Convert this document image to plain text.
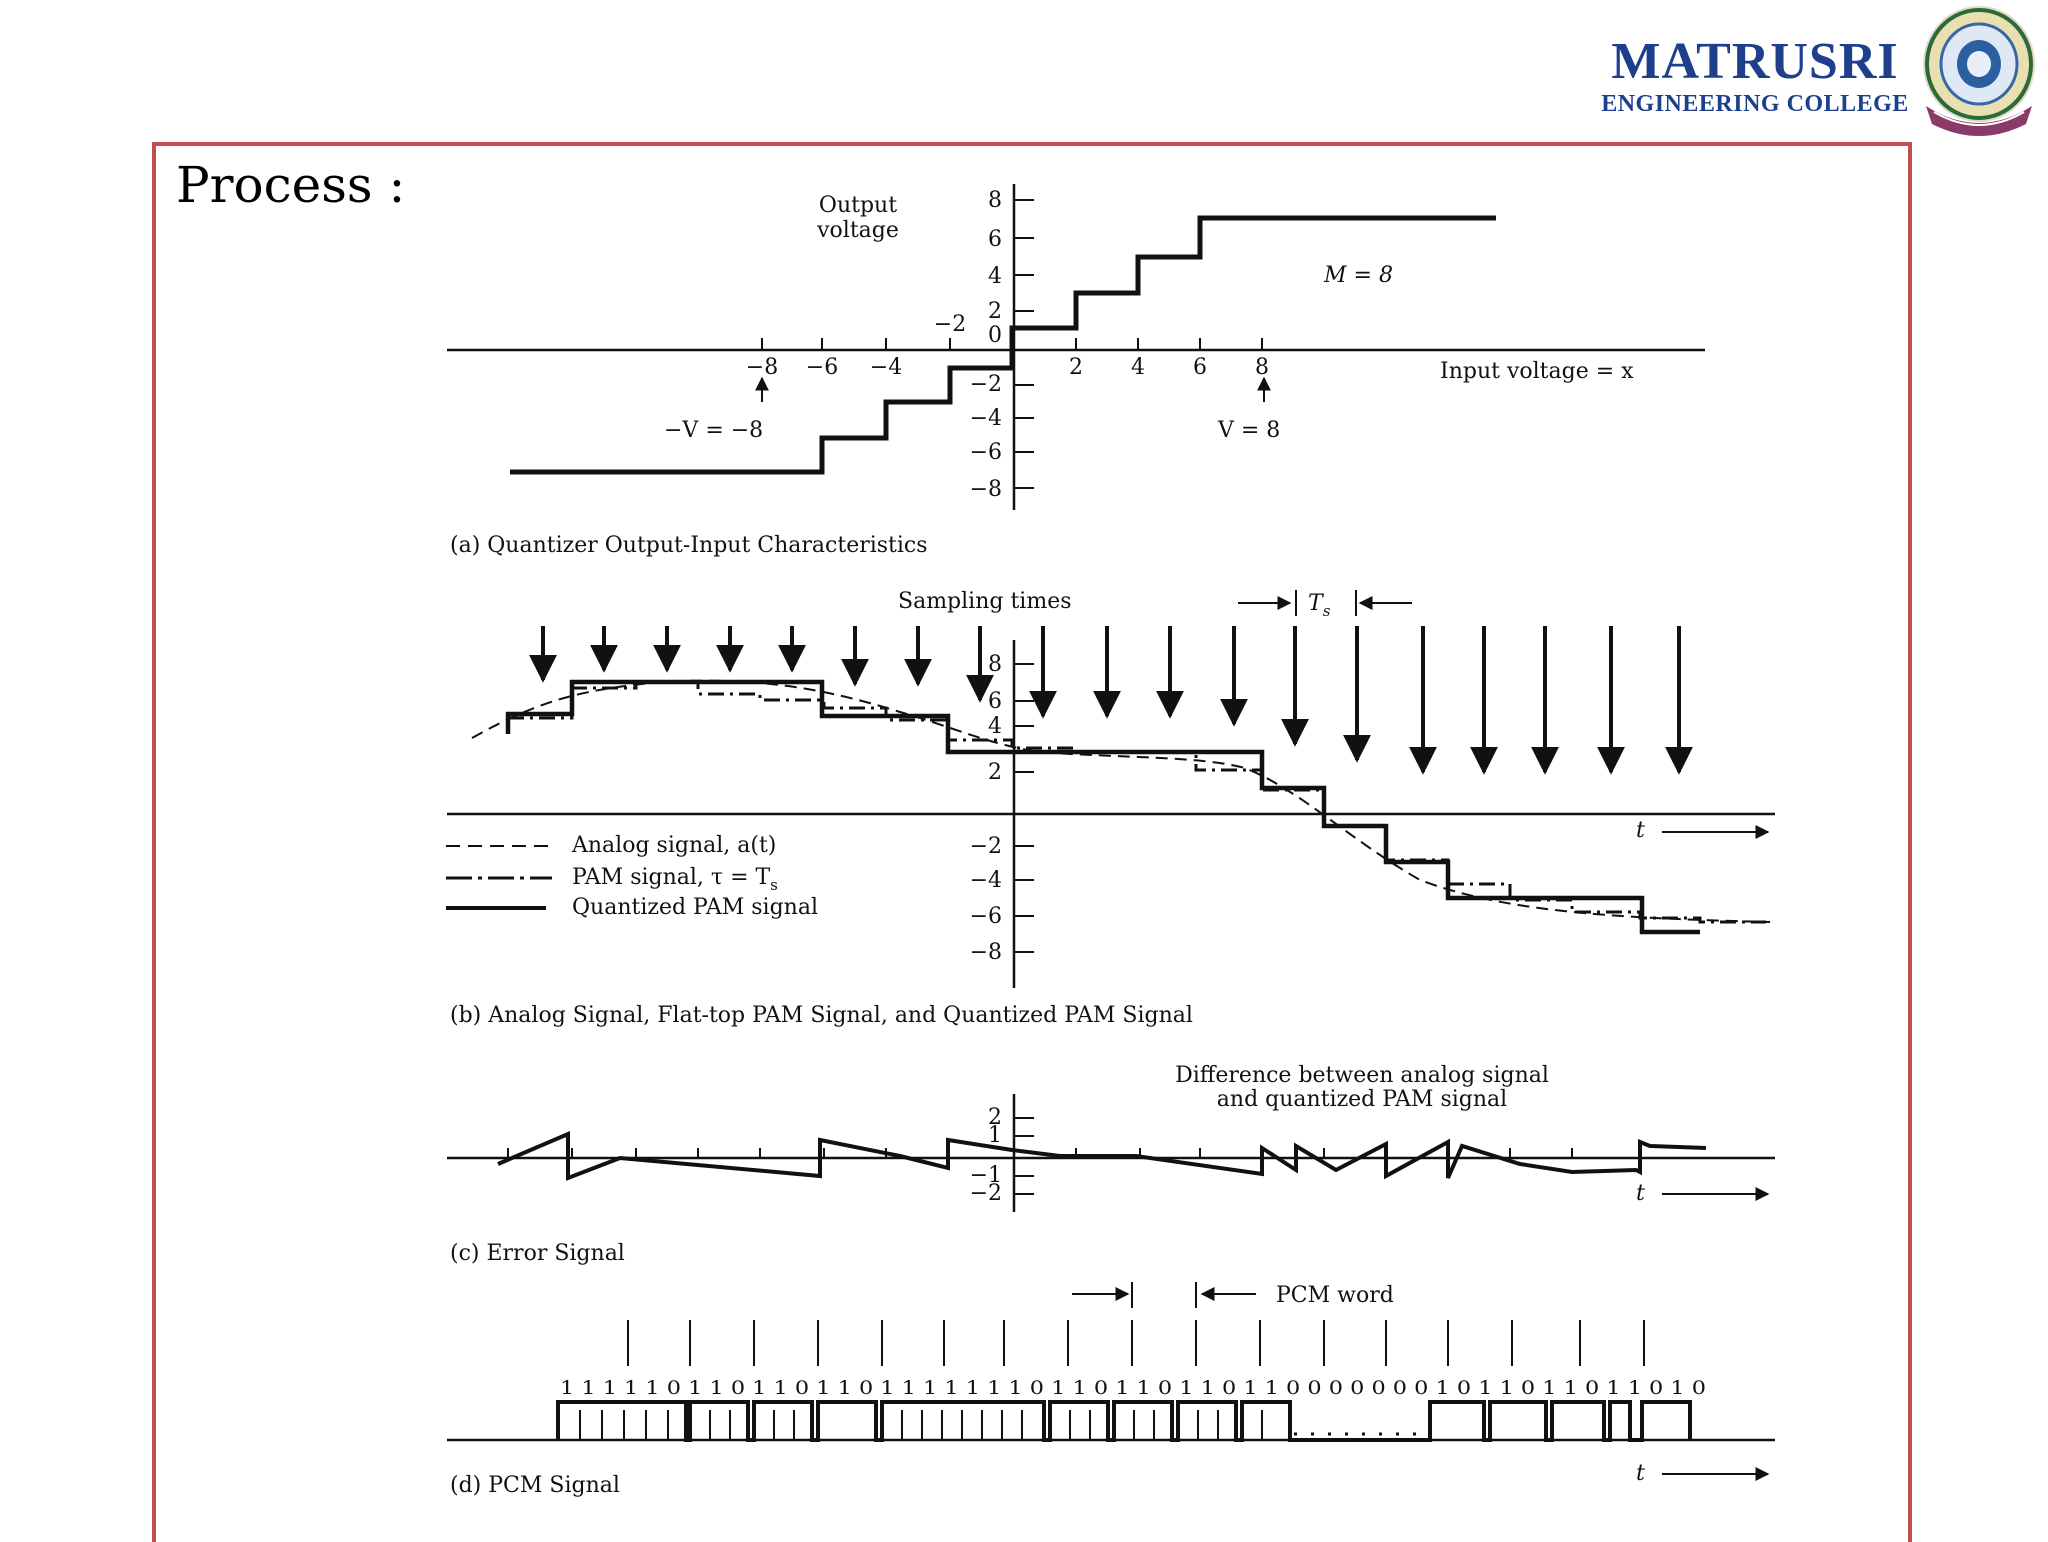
MATRUSRI
ENGINEERING COLLEGE
Process :	Output
voltage
8
6
4
2
0
−2
−4
−6
−8
−8 −6 −4
−2
2 4 6 8	Input voltage = x
M = 8
−V = −8	V = 8
(a) Quantizer Output-Input Characteristics
Sampling times	$T_s$
8
6
4
2
−2
−4
−6
−8
t
Analog signal, a(t)
PAM signal, $\tau = T_s$
Quantized PAM signal
(b) Analog Signal, Flat-top PAM Signal, and Quantized PAM Signal
Difference between analog signal
and quantized PAM signal
2
1
−1
−2	t
(c) Error Signal
PCM word
1 1 1 1 1 0 1 1 0 1 1 0 1 1 0 1 1 1 1 1 1 1 0 1 1 0 1 1 0 1 1 0 1 1 0 0 0 0 0 0 0 1 0 1 1 0 1 1 0 1 1 0 1 0
t
(d) PCM Signal
